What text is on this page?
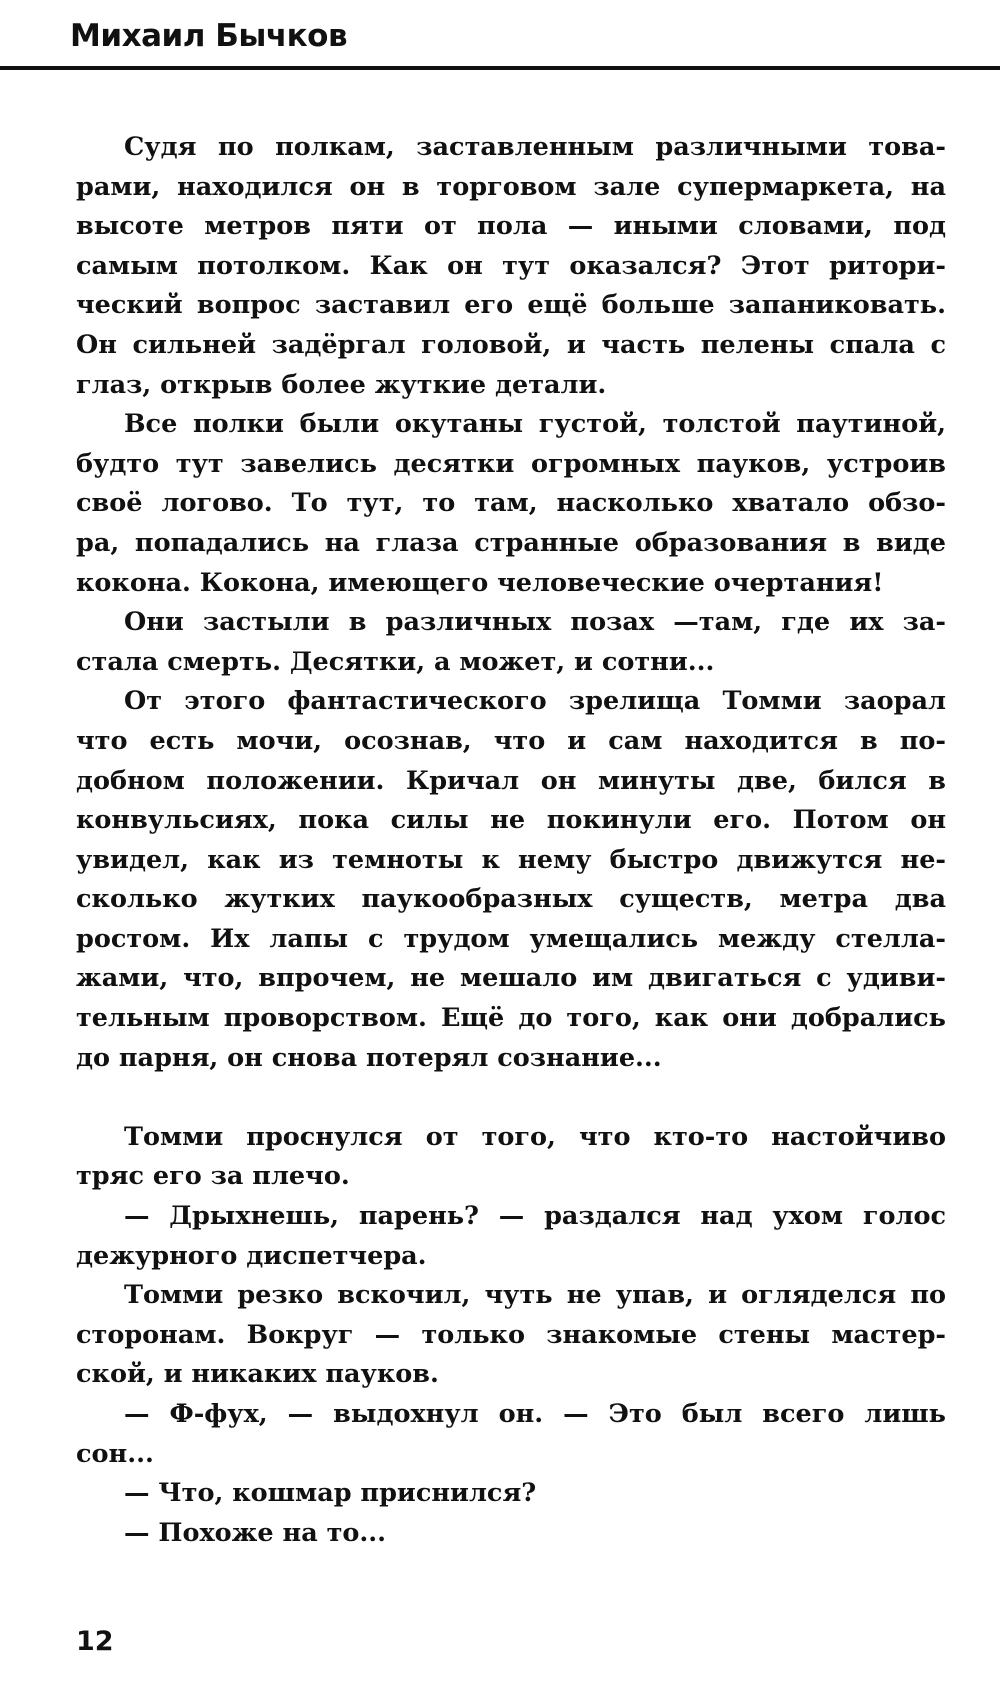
Михаил Бычков
Судя по полкам, заставленным различными това-
рами, находился он в торговом зале супермаркета, на
высоте метров пяти от пола — иными словами, под
самым потолком. Как он тут оказался? Этот ритори-
ческий вопрос заставил его ещё больше запаниковать.
Он сильней задёргал головой, и часть пелены спала с
глаз, открыв более жуткие детали.
Все полки были окутаны густой, толстой паутиной,
будто тут завелись десятки огромных пауков, устроив
своё логово. То тут, то там, насколько хватало обзо-
ра, попадались на глаза странные образования в виде
кокона. Кокона, имеющего человеческие очертания!
Они застыли в различных позах —там, где их за-
стала смерть. Десятки, а может, и сотни...
От этого фантастического зрелища Томми заорал
что есть мочи, осознав, что и сам находится в по-
добном положении. Кричал он минуты две, бился в
конвульсиях, пока силы не покинули его. Потом он
увидел, как из темноты к нему быстро движутся не-
сколько жутких паукообразных существ, метра два
ростом. Их лапы с трудом умещались между стелла-
жами, что, впрочем, не мешало им двигаться с удиви-
тельным проворством. Ещё до того, как они добрались
до парня, он снова потерял сознание...
Томми проснулся от того, что кто-то настойчиво
тряс его за плечо.
— Дрыхнешь, парень? — раздался над ухом голос
дежурного диспетчера.
Томми резко вскочил, чуть не упав, и огляделся по
сторонам. Вокруг — только знакомые стены мастер-
ской, и никаких пауков.
— Ф-фух, — выдохнул он. — Это был всего лишь
сон...
— Что, кошмар приснился?
— Похоже на то...
12
